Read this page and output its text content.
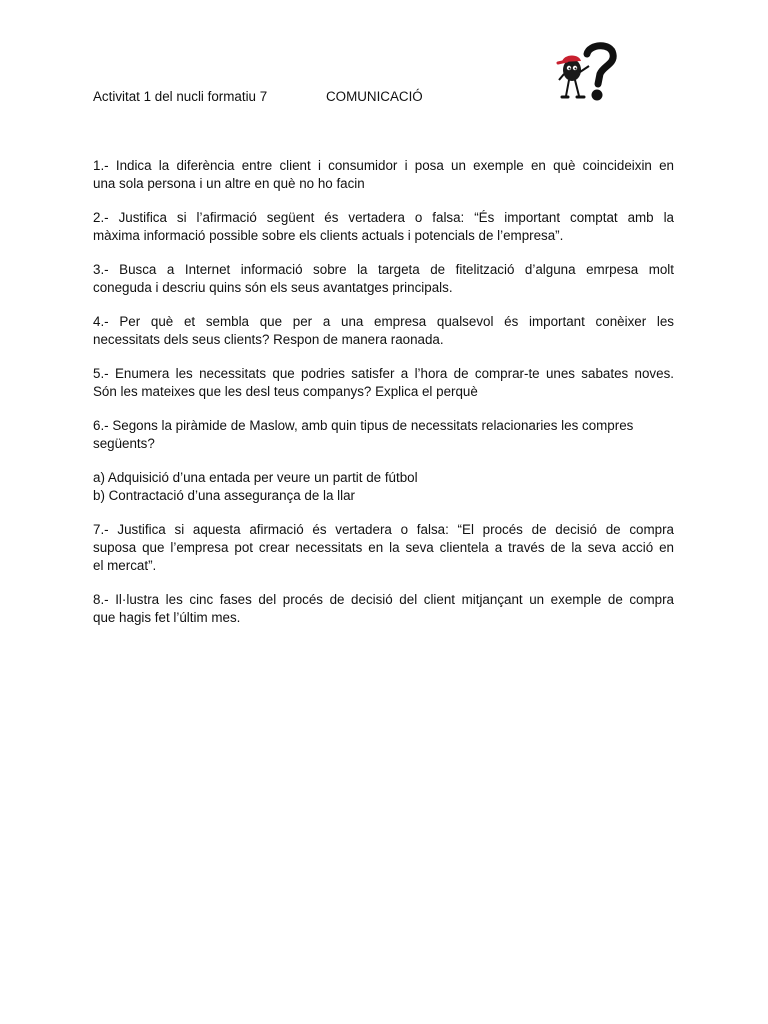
Activitat 1 del nucli formatiu 7	COMUNICACIÓ
1.- Indica la diferència entre client i consumidor i posa un exemple en què coincideixin en
una sola persona i un altre en què no ho facin
2.- Justifica si l’afirmació següent és vertadera o falsa: “És important comptat amb la
màxima informació possible sobre els clients actuals i potencials de l’empresa”.
3.- Busca a Internet informació sobre la targeta de fitelització d’alguna emrpesa molt
coneguda i descriu quins són els seus avantatges principals.
4.- Per què et sembla que per a una empresa qualsevol és important conèixer les
necessitats dels seus clients? Respon de manera raonada.
5.- Enumera les necessitats que podries satisfer a l’hora de comprar-te unes sabates noves.
Són les mateixes que les desl teus companys? Explica el perquè
6.- Segons la piràmide de Maslow, amb quin tipus de necessitats relacionaries les compres
següents?
a) Adquisició d’una entada per veure un partit de fútbol
b) Contractació d’una assegurança de la llar
7.- Justifica si aquesta afirmació és vertadera o falsa: “El procés de decisió de compra
suposa que l’empresa pot crear necessitats en la seva clientela a través de la seva acció en
el mercat”.
8.- Il·lustra les cinc fases del procés de decisió del client mitjançant un exemple de compra
que hagis fet l’últim mes.
